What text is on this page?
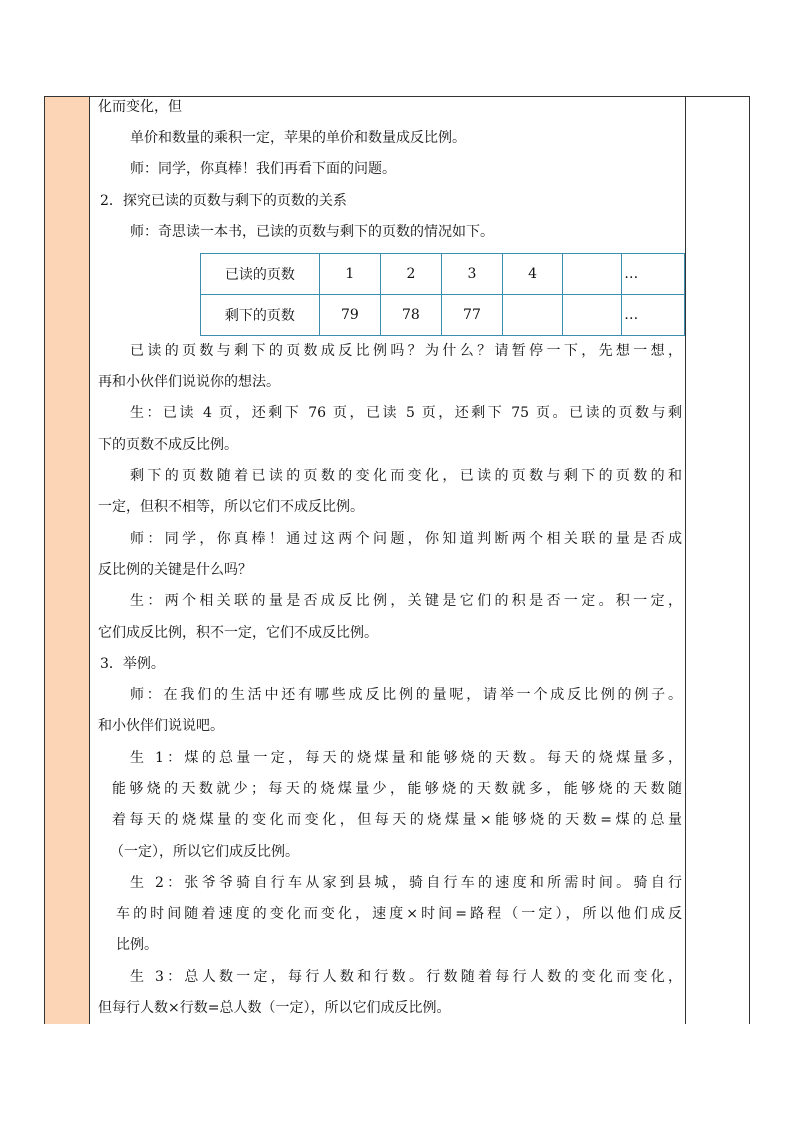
化而变化，但
单价和数量的乘积一定，苹果的单价和数量成反比例。
师：同学，你真棒！我们再看下面的问题。
2．探究已读的页数与剩下的页数的关系
师：奇思读一本书，已读的页数与剩下的页数的情况如下。
已读的页数	1	2	3	4		…
剩下的页数	79	78	77			…
已读的页数与剩下的页数成反比例吗？为什么？请暂停一下，先想一想，
再和小伙伴们说说你的想法。
生：已读 4 页，还剩下 76 页，已读 5 页，还剩下 75 页。已读的页数与剩
下的页数不成反比例。
剩下的页数随着已读的页数的变化而变化，已读的页数与剩下的页数的和
一定，但积不相等，所以它们不成反比例。
师：同学，你真棒！通过这两个问题，你知道判断两个相关联的量是否成
反比例的关键是什么吗？
生：两个相关联的量是否成反比例，关键是它们的积是否一定。积一定，
它们成反比例，积不一定，它们不成反比例。
3．举例。
师：在我们的生活中还有哪些成反比例的量呢，请举一个成反比例的例子。
和小伙伴们说说吧。
生 1：煤的总量一定，每天的烧煤量和能够烧的天数。每天的烧煤量多，
能够烧的天数就少；每天的烧煤量少，能够烧的天数就多，能够烧的天数随
着每天的烧煤量的变化而变化，但每天的烧煤量×能够烧的天数=煤的总量
（一定），所以它们成反比例。
生 2：张爷爷骑自行车从家到县城，骑自行车的速度和所需时间。骑自行
车的时间随着速度的变化而变化，速度×时间=路程（一定），所以他们成反
比例。
生 3：总人数一定，每行人数和行数。行数随着每行人数的变化而变化，
但每行人数×行数=总人数（一定），所以它们成反比例。
